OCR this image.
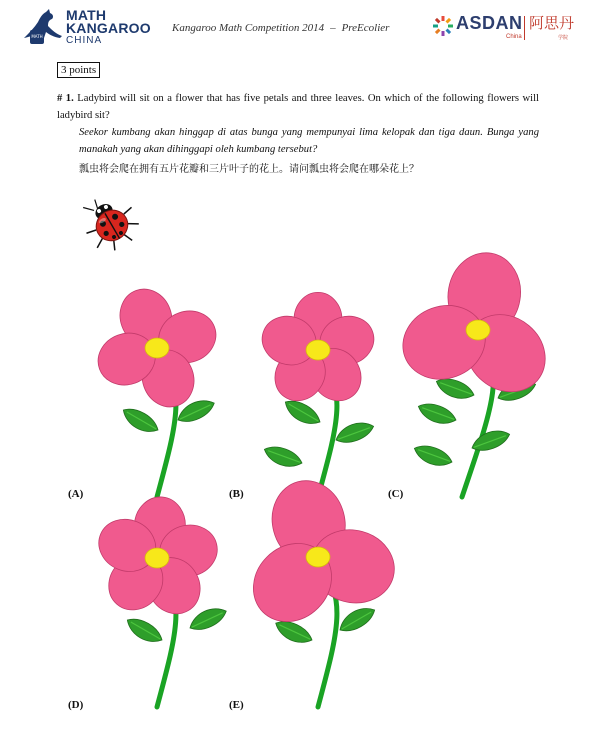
MATH
MATH
KANGAROO
CHINA
Kangaroo Math Competition 2014 – PreEcolier	ASDAN
China
阿思丹
学院
3 points
# 1. Ladybird will sit on a flower that has five petals and three leaves. On which of the following flowers will ladybird sit?
Seekor kumbang akan hinggap di atas bunga yang mempunyai lima kelopak dan tiga daun. Bunga yang manakah yang akan dihinggapi oleh kumbang tersebut?
瓢虫将会爬在拥有五片花瓣和三片叶子的花上。请问瓢虫将会爬在哪朵花上？
(A)	(B)	(C)
(D)	(E)
